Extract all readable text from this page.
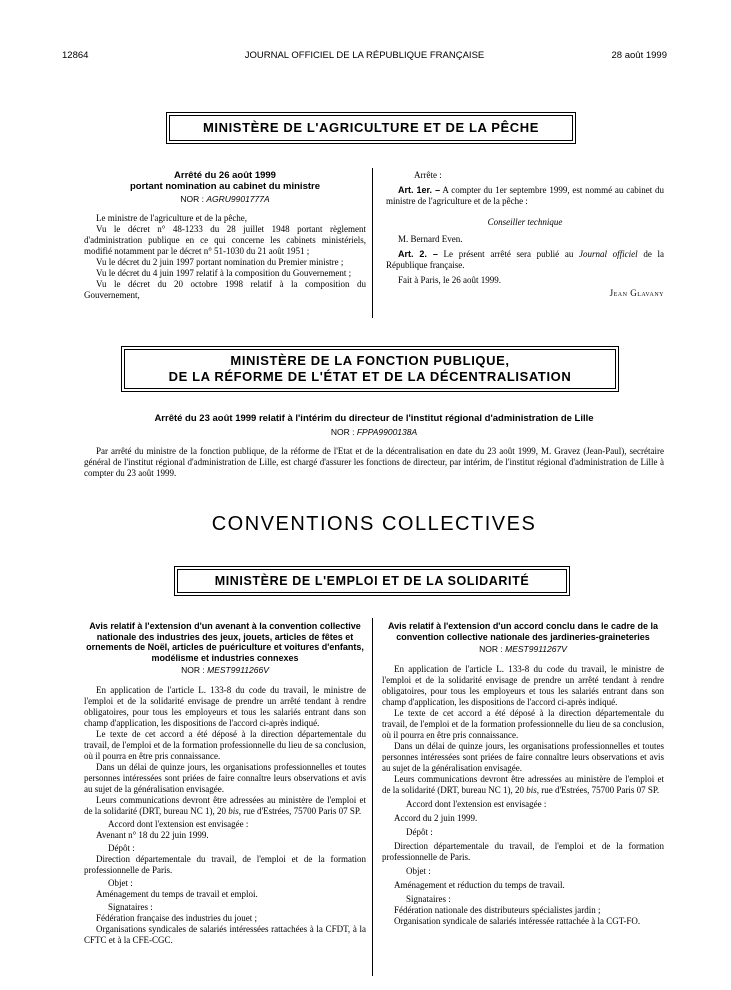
12864	JOURNAL OFFICIEL DE LA RÉPUBLIQUE FRANÇAISE	28 août 1999
MINISTÈRE DE L'AGRICULTURE ET DE LA PÊCHE
Arrêté du 26 août 1999
portant nomination au cabinet du ministre
NOR : AGRU9901777A

Le ministre de l'agriculture et de la pêche,

Vu le décret n° 48-1233 du 28 juillet 1948 portant règlement d'administration publique en ce qui concerne les cabinets ministériels, modifié notamment par le décret n° 51-1030 du 21 août 1951 ;

Vu le décret du 2 juin 1997 portant nomination du Premier ministre ;

Vu le décret du 4 juin 1997 relatif à la composition du Gouvernement ;

Vu le décret du 20 octobre 1998 relatif à la composition du Gouvernement,

Arrête :

Art. 1er. – A compter du 1er septembre 1999, est nommé au cabinet du ministre de l'agriculture et de la pêche :

Conseiller technique

M. Bernard Even.

Art. 2. – Le présent arrêté sera publié au Journal officiel de la République française.

Fait à Paris, le 26 août 1999.

Jean Glavany
MINISTÈRE DE LA FONCTION PUBLIQUE,
DE LA RÉFORME DE L'ÉTAT ET DE LA DÉCENTRALISATION
Arrêté du 23 août 1999 relatif à l'intérim du directeur de l'institut régional d'administration de Lille
NOR : FPPA9900138A

Par arrêté du ministre de la fonction publique, de la réforme de l'Etat et de la décentralisation en date du 23 août 1999, M. Gravez (Jean-Paul), secrétaire général de l'institut régional d'administration de Lille, est chargé d'assurer les fonctions de directeur, par intérim, de l'institut régional d'administration de Lille à compter du 23 août 1999.

CONVENTIONS COLLECTIVES
MINISTÈRE DE L'EMPLOI ET DE LA SOLIDARITÉ
Avis relatif à l'extension d'un avenant à la convention collective nationale des industries des jeux, jouets, articles de fêtes et ornements de Noël, articles de puériculture et voitures d'enfants, modélisme et industries connexes
NOR : MEST9911266V

En application de l'article L. 133-8 du code du travail, le ministre de l'emploi et de la solidarité envisage de prendre un arrêté tendant à rendre obligatoires, pour tous les employeurs et tous les salariés entrant dans son champ d'application, les dispositions de l'accord ci-après indiqué.

Le texte de cet accord a été déposé à la direction départementale du travail, de l'emploi et de la formation professionnelle du lieu de sa conclusion, où il pourra en être pris connaissance.

Dans un délai de quinze jours, les organisations professionnelles et toutes personnes intéressées sont priées de faire connaître leurs observations et avis au sujet de la généralisation envisagée.

Leurs communications devront être adressées au ministère de l'emploi et de la solidarité (DRT, bureau NC 1), 20 bis, rue d'Estrées, 75700 Paris 07 SP.

Accord dont l'extension est envisagée :

Avenant n° 18 du 22 juin 1999.

Dépôt :

Direction départementale du travail, de l'emploi et de la formation professionnelle de Paris.

Objet :

Aménagement du temps de travail et emploi.

Signataires :

Fédération française des industries du jouet ;

Organisations syndicales de salariés intéressées rattachées à la CFDT, à la CFTC et à la CFE-CGC.

Avis relatif à l'extension d'un accord conclu dans le cadre de la convention collective nationale des jardineries-graineteries
NOR : MEST9911267V

En application de l'article L. 133-8 du code du travail, le ministre de l'emploi et de la solidarité envisage de prendre un arrêté tendant à rendre obligatoires, pour tous les employeurs et tous les salariés entrant dans son champ d'application, les dispositions de l'accord ci-après indiqué.

Le texte de cet accord a été déposé à la direction départementale du travail, de l'emploi et de la formation professionnelle du lieu de sa conclusion, où il pourra en être pris connaissance.

Dans un délai de quinze jours, les organisations professionnelles et toutes personnes intéressées sont priées de faire connaître leurs observations et avis au sujet de la généralisation envisagée.

Leurs communications devront être adressées au ministère de l'emploi et de la solidarité (DRT, bureau NC 1), 20 bis, rue d'Estrées, 75700 Paris 07 SP.

Accord dont l'extension est envisagée :

Accord du 2 juin 1999.

Dépôt :

Direction départementale du travail, de l'emploi et de la formation professionnelle de Paris.

Objet :

Aménagement et réduction du temps de travail.

Signataires :

Fédération nationale des distributeurs spécialistes jardin ;

Organisation syndicale de salariés intéressée rattachée à la CGT-FO.
